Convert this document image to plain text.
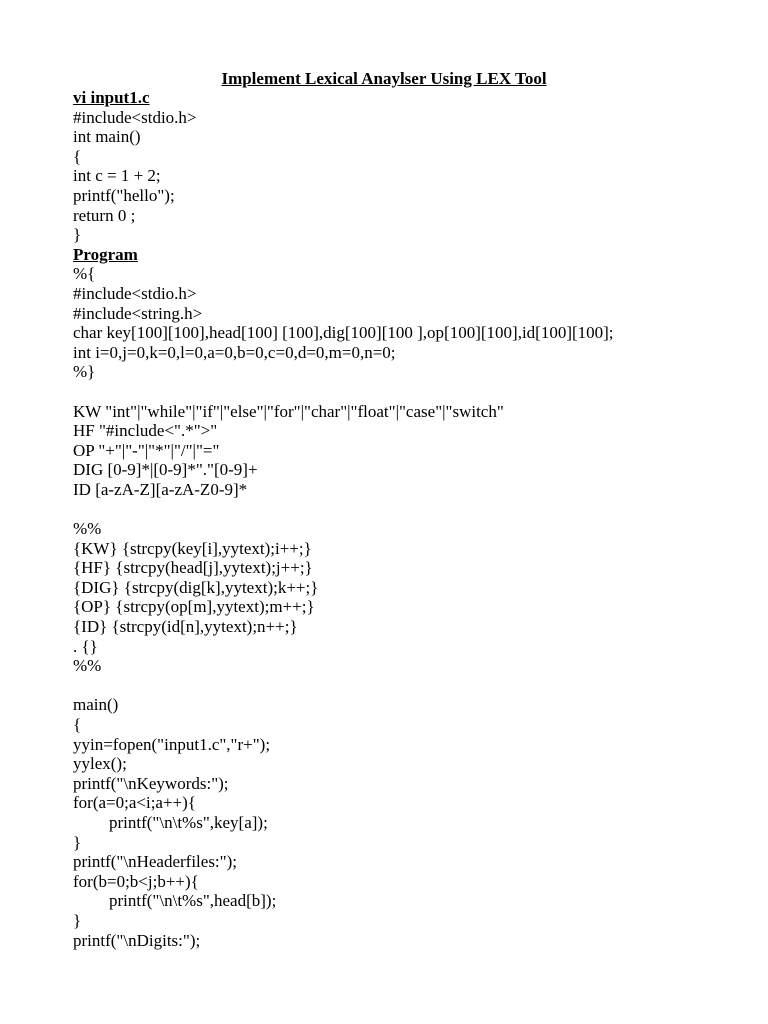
Implement Lexical Anaylser Using LEX Tool
vi input1.c
#include<stdio.h>
int main()
{
int c = 1 + 2;
printf("hello");
return 0 ;
}
Program
%{
#include<stdio.h>
#include<string.h>
char key[100][100],head[100] [100],dig[100][100 ],op[100][100],id[100][100];
int i=0,j=0,k=0,l=0,a=0,b=0,c=0,d=0,m=0,n=0;
%}
KW "int"|"while"|"if"|"else"|"for"|"char"|"float"|"case"|"switch"
HF "#include<".*">"
OP "+"|"-"|"*"|"/"|"="
DIG [0-9]*|[0-9]*"."[0-9]+
ID [a-zA-Z][a-zA-Z0-9]*
%%
{KW} {strcpy(key[i],yytext);i++;}
{HF} {strcpy(head[j],yytext);j++;}
{DIG} {strcpy(dig[k],yytext);k++;}
{OP} {strcpy(op[m],yytext);m++;}
{ID} {strcpy(id[n],yytext);n++;}
. {}
%%
main()
{
yyin=fopen("input1.c","r+");
yylex();
printf("\nKeywords:");
for(a=0;a<i;a++){
printf("\n\t%s",key[a]);
}
printf("\nHeaderfiles:");
for(b=0;b<j;b++){
printf("\n\t%s",head[b]);
}
printf("\nDigits:");
